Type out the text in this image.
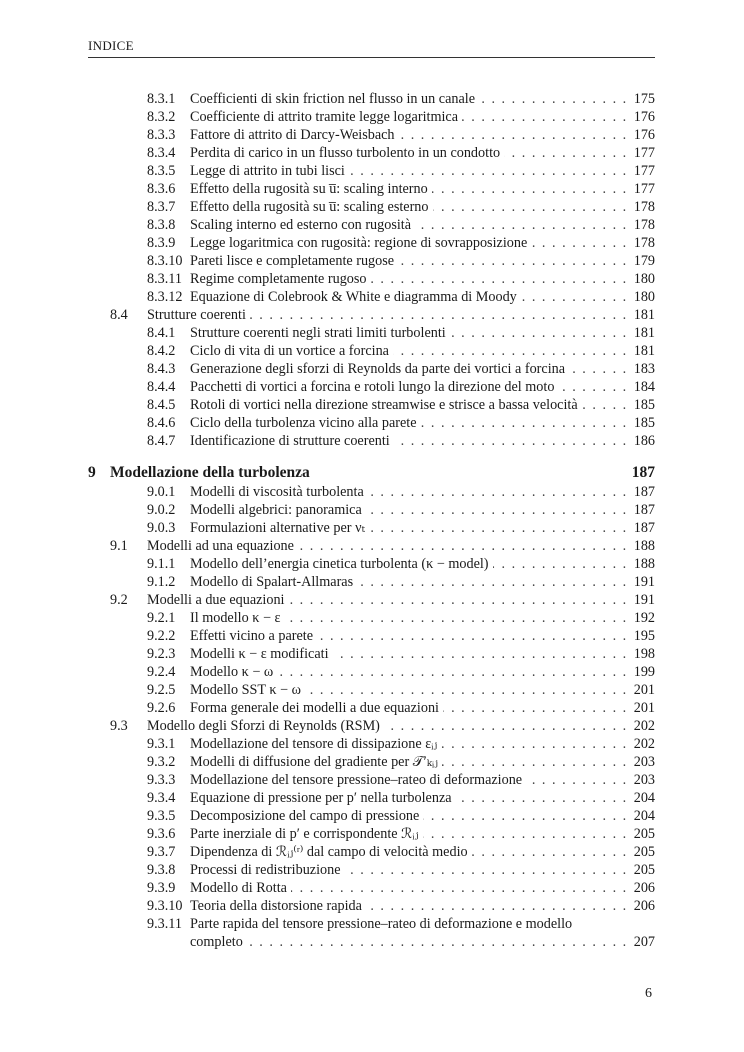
INDICE
8.3.1	Coefficienti di skin friction nel flusso in un canale . . .	175
8.3.2	Coefficiente di attrito tramite legge logaritmica . . .	176
8.3.3	Fattore di attrito di Darcy-Weisbach . . .	176
8.3.4	Perdita di carico in un flusso turbolento in un condotto . . .	177
8.3.5	Legge di attrito in tubi lisci . . .	177
8.3.6	Effetto della rugosità su u̅: scaling interno . . .	177
8.3.7	Effetto della rugosità su u̅: scaling esterno . . .	178
8.3.8	Scaling interno ed esterno con rugosità . . .	178
8.3.9	Legge logaritmica con rugosità: regione di sovrapposizione . . .	178
8.3.10 Pareti lisce e completamente rugose . . .	179
8.3.11 Regime completamente rugoso . . .	180
8.3.12 Equazione di Colebrook & White e diagramma di Moody . . .	180
8.4	Strutture coerenti . . .	181
8.4.1	Strutture coerenti negli strati limiti turbolenti . . .	181
8.4.2	Ciclo di vita di un vortice a forcina . . .	181
8.4.3	Generazione degli sforzi di Reynolds da parte dei vortici a forcina . . .	183
8.4.4	Pacchetti di vortici a forcina e rotoli lungo la direzione del moto . . .	184
8.4.5	Rotoli di vortici nella direzione streamwise e strisce a bassa velocità . . .	185
8.4.6	Ciclo della turbolenza vicino alla parete . . .	185
8.4.7	Identificazione di strutture coerenti . . .	186
9 Modellazione della turbolenza	187
9.0.1	Modelli di viscosità turbolenta . . .	187
9.0.2	Modelli algebrici: panoramica . . .	187
9.0.3	Formulazioni alternative per νₜ . . .	187
9.1	Modelli ad una equazione . . .	188
9.1.1	Modello dell’energia cinetica turbolenta (κ − model) . . .	188
9.1.2	Modello di Spalart-Allmaras . . .	191
9.2	Modelli a due equazioni . . .	191
9.2.1	Il modello κ − ε . . .	192
9.2.2	Effetti vicino a parete . . .	195
9.2.3	Modelli κ − ε modificati . . .	198
9.2.4	Modello κ − ω . . .	199
9.2.5	Modello SST κ − ω . . .	201
9.2.6	Forma generale dei modelli a due equazioni . . .	201
9.3	Modello degli Sforzi di Reynolds (RSM) . . .	202
9.3.1	Modellazione del tensore di dissipazione εᵢⱼ . . .	202
9.3.2	Modelli di diffusione del gradiente per 𝒯′ₖᵢⱼ . . .	203
9.3.3	Modellazione del tensore pressione–rateo di deformazione . . .	203
9.3.4	Equazione di pressione per p′ nella turbolenza . . .	204
9.3.5	Decomposizione del campo di pressione . . .	204
9.3.6	Parte inerziale di p′ e corrispondente ℛᵢⱼ . . .	205
9.3.7	Dipendenza di ℛᵢⱼ⁽ʳ⁾ dal campo di velocità medio . . .	205
9.3.8	Processi di redistribuzione . . .	205
9.3.9	Modello di Rotta . . .	206
9.3.10 Teoria della distorsione rapida . . .	206
9.3.11 Parte rapida del tensore pressione–rateo di deformazione e modello
completo . . .	207
6
